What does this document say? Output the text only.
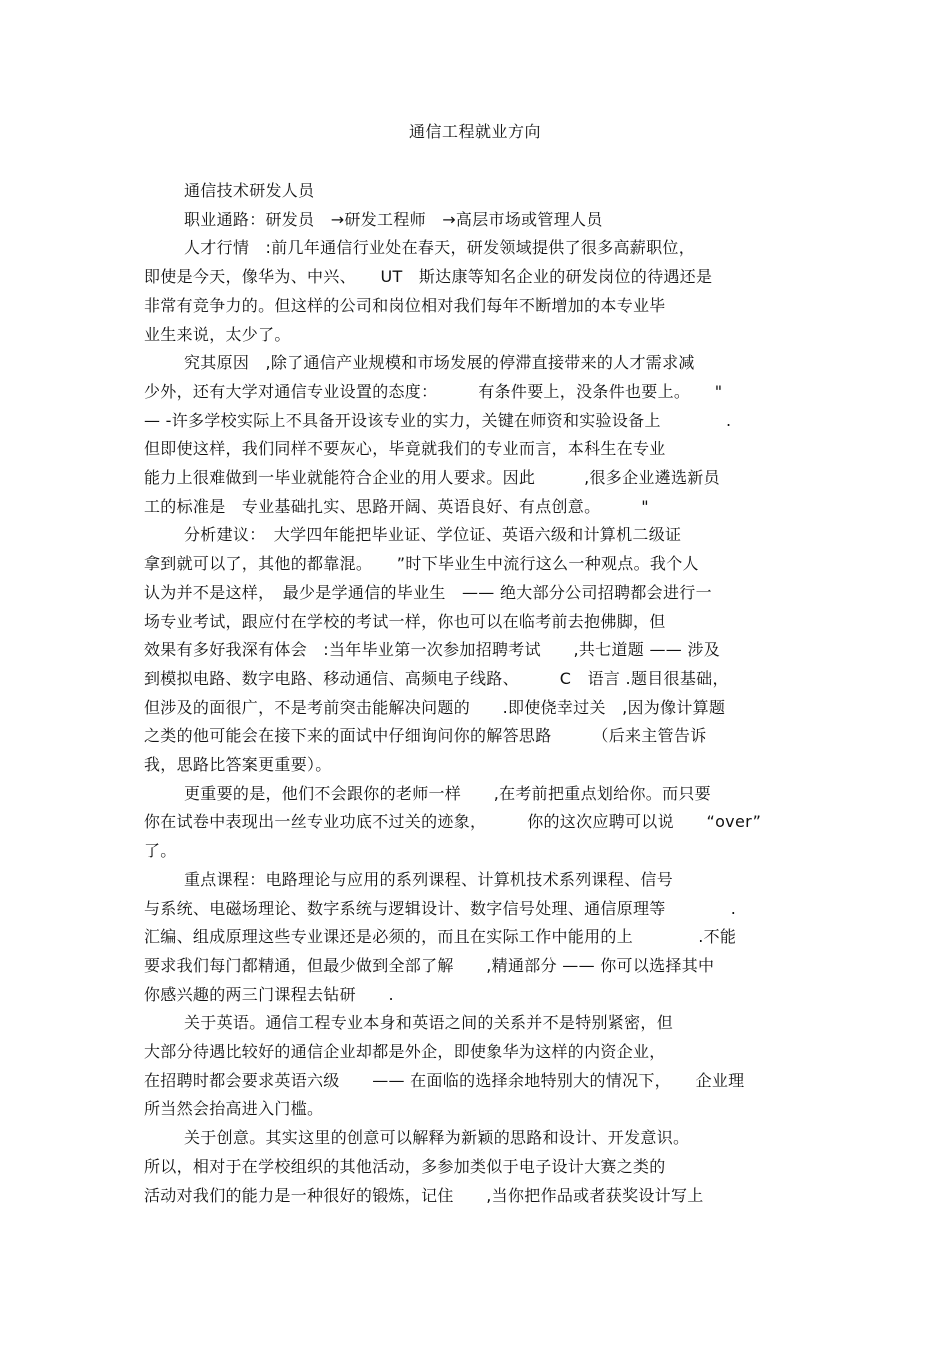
通信工程就业方向
通信技术研发人员
职业通路：研发员　→研发工程师　→高层市场或管理人员
人才行情　:前几年通信行业处在春天，研发领域提供了很多高薪职位，
即使是今天，像华为、中兴、　　UT　斯达康等知名企业的研发岗位的待遇还是
非常有竞争力的。但这样的公司和岗位相对我们每年不断增加的本专业毕
业生来说，太少了。
究其原因　,除了通信产业规模和市场发展的停滞直接带来的人才需求减
少外，还有大学对通信专业设置的态度：　　　有条件要上，没条件也要上。　　"
— -许多学校实际上不具备开设该专业的实力，关键在师资和实验设备上　　　　.
但即使这样，我们同样不要灰心，毕竟就我们的专业而言，本科生在专业
能力上很难做到一毕业就能符合企业的用人要求。因此　　　,很多企业遴选新员
工的标准是　专业基础扎实、思路开阔、英语良好、有点创意。　　　"
分析建议：　大学四年能把毕业证、学位证、英语六级和计算机二级证
拿到就可以了，其他的都靠混。　　”时下毕业生中流行这么一种观点。我个人
认为并不是这样，　最少是学通信的毕业生　—— 绝大部分公司招聘都会进行一
场专业考试，跟应付在学校的考试一样，你也可以在临考前去抱佛脚，但
效果有多好我深有体会　:当年毕业第一次参加招聘考试　　,共七道题 —— 涉及
到模拟电路、数字电路、移动通信、高频电子线路、　　　C　语言 .题目很基础，
但涉及的面很广，不是考前突击能解决问题的　　.即使侥幸过关　,因为像计算题
之类的他可能会在接下来的面试中仔细询问你的解答思路　　　（后来主管告诉
我，思路比答案更重要）。
更重要的是，他们不会跟你的老师一样　　,在考前把重点划给你。而只要
你在试卷中表现出一丝专业功底不过关的迹象，　　　你的这次应聘可以说　　“over”
了。
重点课程：电路理论与应用的系列课程、计算机技术系列课程、信号
与系统、电磁场理论、数字系统与逻辑设计、数字信号处理、通信原理等　　　　.
汇编、组成原理这些专业课还是必须的，而且在实际工作中能用的上　　　　.不能
要求我们每门都精通，但最少做到全部了解　　,精通部分 —— 你可以选择其中
你感兴趣的两三门课程去钻研　　.
关于英语。通信工程专业本身和英语之间的关系并不是特别紧密，但
大部分待遇比较好的通信企业却都是外企，即使象华为这样的内资企业，
在招聘时都会要求英语六级　　—— 在面临的选择余地特别大的情况下，　　企业理
所当然会抬高进入门槛。
关于创意。其实这里的创意可以解释为新颖的思路和设计、开发意识。
所以，相对于在学校组织的其他活动，多参加类似于电子设计大赛之类的
活动对我们的能力是一种很好的锻炼，记住　　,当你把作品或者获奖设计写上
